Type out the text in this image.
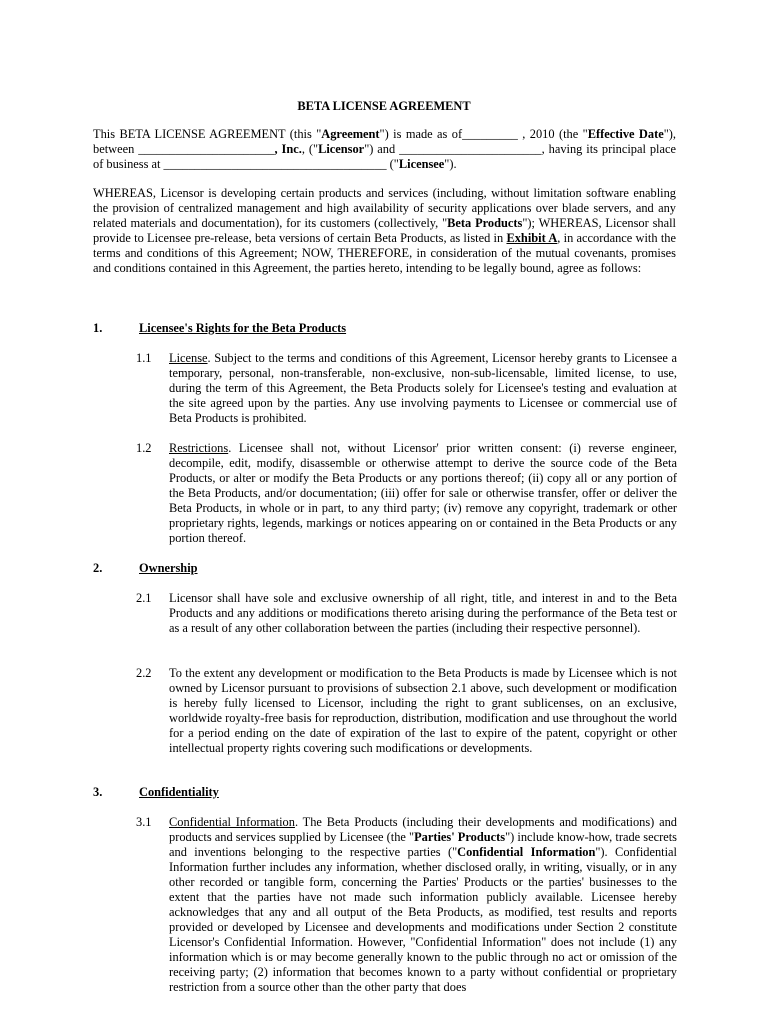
BETA LICENSE AGREEMENT
This BETA LICENSE AGREEMENT (this "Agreement") is made as of_________ , 2010 (the "Effective Date"), between ______________________, Inc., ("Licensor") and _______________________, having its principal place of business at ____________________________________ ("Licensee").
WHEREAS, Licensor is developing certain products and services (including, without limitation software enabling the provision of centralized management and high availability of security applications over blade servers, and any related materials and documentation), for its customers (collectively, "Beta Products"); WHEREAS, Licensor shall provide to Licensee pre-release, beta versions of certain Beta Products, as listed in Exhibit A, in accordance with the terms and conditions of this Agreement; NOW, THEREFORE, in consideration of the mutual covenants, promises and conditions contained in this Agreement, the parties hereto, intending to be legally bound, agree as follows:
1.	Licensee's Rights for the Beta Products
1.1 License. Subject to the terms and conditions of this Agreement, Licensor hereby grants to Licensee a temporary, personal, non-transferable, non-exclusive, non-sub-licensable, limited license, to use, during the term of this Agreement, the Beta Products solely for Licensee's testing and evaluation at the site agreed upon by the parties. Any use involving payments to Licensee or commercial use of Beta Products is prohibited.
1.2 Restrictions. Licensee shall not, without Licensor' prior written consent: (i) reverse engineer, decompile, edit, modify, disassemble or otherwise attempt to derive the source code of the Beta Products, or alter or modify the Beta Products or any portions thereof; (ii) copy all or any portion of the Beta Products, and/or documentation; (iii) offer for sale or otherwise transfer, offer or deliver the Beta Products, in whole or in part, to any third party; (iv) remove any copyright, trademark or other proprietary rights, legends, markings or notices appearing on or contained in the Beta Products or any portion thereof.
2.	Ownership
2.1 Licensor shall have sole and exclusive ownership of all right, title, and interest in and to the Beta Products and any additions or modifications thereto arising during the performance of the Beta test or as a result of any other collaboration between the parties (including their respective personnel).
2.2 To the extent any development or modification to the Beta Products is made by Licensee which is not owned by Licensor pursuant to provisions of subsection 2.1 above, such development or modification is hereby fully licensed to Licensor, including the right to grant sublicenses, on an exclusive, worldwide royalty-free basis for reproduction, distribution, modification and use throughout the world for a period ending on the date of expiration of the last to expire of the patent, copyright or other intellectual property rights covering such modifications or developments.
3.	Confidentiality
3.1 Confidential Information. The Beta Products (including their developments and modifications) and products and services supplied by Licensee (the "Parties' Products") include know-how, trade secrets and inventions belonging to the respective parties ("Confidential Information"). Confidential Information further includes any information, whether disclosed orally, in writing, visually, or in any other recorded or tangible form, concerning the Parties' Products or the parties' businesses to the extent that the parties have not made such information publicly available. Licensee hereby acknowledges that any and all output of the Beta Products, as modified, test results and reports provided or developed by Licensee and developments and modifications under Section 2 constitute Licensor's Confidential Information. However, "Confidential Information" does not include (1) any information which is or may become generally known to the public through no act or omission of the receiving party; (2) information that becomes known to a party without confidential or proprietary restriction from a source other than the other party that does
